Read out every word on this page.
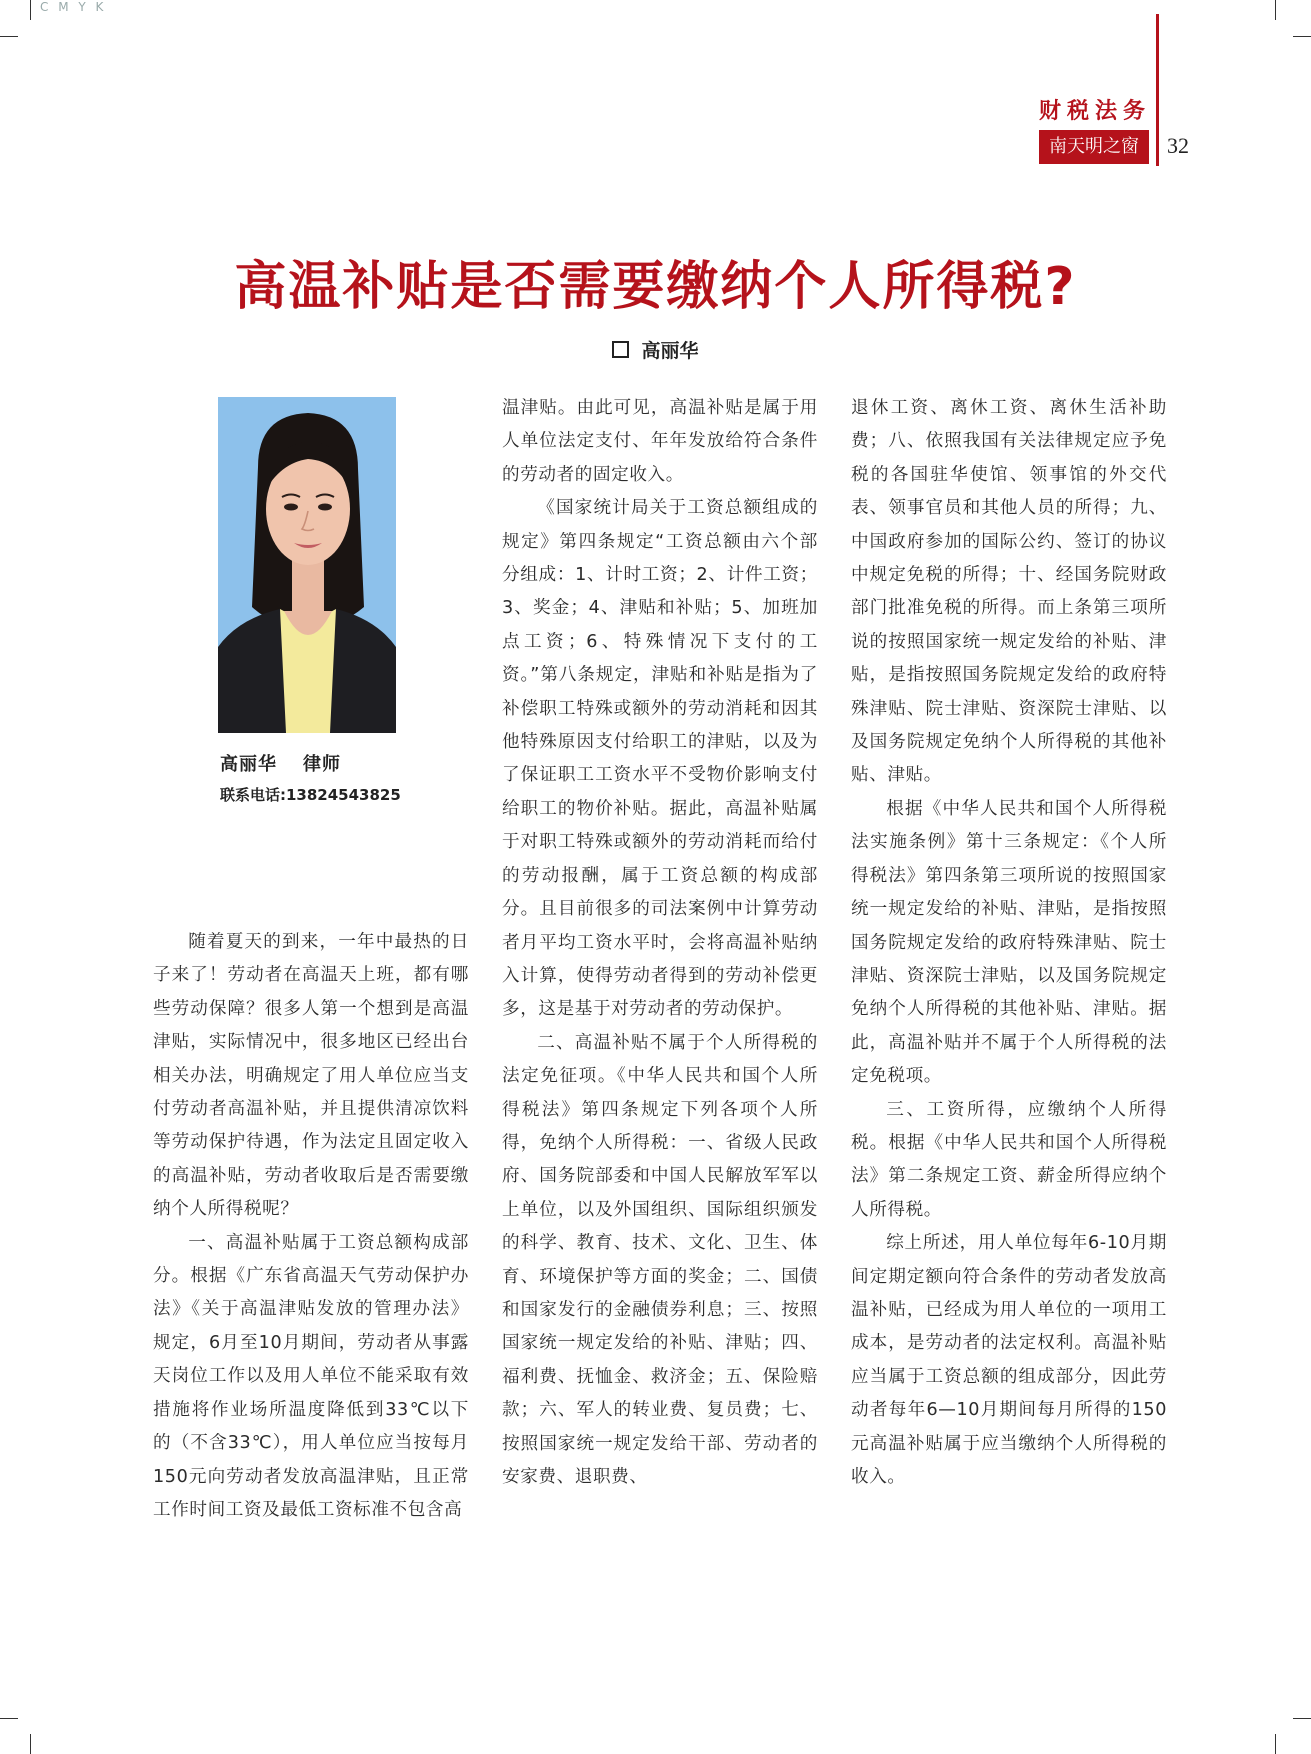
C M Y K
财税法务
南天明之窗	32
高温补贴是否需要缴纳个人所得税?
高丽华
高丽华 律师
联系电话:13824543825

随着夏天的到来，一年中最热的日子来了！劳动者在高温天上班，都有哪些劳动保障？很多人第一个想到是高温津贴，实际情况中，很多地区已经出台相关办法，明确规定了用人单位应当支付劳动者高温补贴，并且提供清凉饮料等劳动保护待遇，作为法定且固定收入的高温补贴，劳动者收取后是否需要缴纳个人所得税呢？

一、高温补贴属于工资总额构成部分。根据《广东省高温天气劳动保护办法》《关于高温津贴发放的管理办法》规定，6月至10月期间，劳动者从事露天岗位工作以及用人单位不能采取有效措施将作业场所温度降低到33℃以下的（不含33℃），用人单位应当按每月150元向劳动者发放高温津贴，且正常工作时间工资及最低工资标准不包含高

温津贴。由此可见，高温补贴是属于用人单位法定支付、年年发放给符合条件的劳动者的固定收入。

《国家统计局关于工资总额组成的规定》第四条规定“工资总额由六个部分组成：1、计时工资；2、计件工资；3、奖金；4、津贴和补贴；5、加班加点工资；6、特殊情况下支付的工资。”第八条规定，津贴和补贴是指为了补偿职工特殊或额外的劳动消耗和因其他特殊原因支付给职工的津贴，以及为了保证职工工资水平不受物价影响支付给职工的物价补贴。据此，高温补贴属于对职工特殊或额外的劳动消耗而给付的劳动报酬，属于工资总额的构成部分。且目前很多的司法案例中计算劳动者月平均工资水平时，会将高温补贴纳入计算，使得劳动者得到的劳动补偿更多，这是基于对劳动者的劳动保护。

二、高温补贴不属于个人所得税的法定免征项。《中华人民共和国个人所得税法》第四条规定下列各项个人所得，免纳个人所得税：一、省级人民政府、国务院部委和中国人民解放军军以上单位，以及外国组织、国际组织颁发的科学、教育、技术、文化、卫生、体育、环境保护等方面的奖金；二、国债和国家发行的金融债券利息；三、按照国家统一规定发给的补贴、津贴；四、福利费、抚恤金、救济金；五、保险赔款；六、军人的转业费、复员费；七、按照国家统一规定发给干部、劳动者的安家费、退职费、

退休工资、离休工资、离休生活补助费；八、依照我国有关法律规定应予免税的各国驻华使馆、领事馆的外交代表、领事官员和其他人员的所得；九、中国政府参加的国际公约、签订的协议中规定免税的所得；十、经国务院财政部门批准免税的所得。而上条第三项所说的按照国家统一规定发给的补贴、津贴，是指按照国务院规定发给的政府特殊津贴、院士津贴、资深院士津贴、以及国务院规定免纳个人所得税的其他补贴、津贴。

根据《中华人民共和国个人所得税法实施条例》第十三条规定：《个人所得税法》第四条第三项所说的按照国家统一规定发给的补贴、津贴，是指按照国务院规定发给的政府特殊津贴、院士津贴、资深院士津贴，以及国务院规定免纳个人所得税的其他补贴、津贴。据此，高温补贴并不属于个人所得税的法定免税项。

三、工资所得，应缴纳个人所得税。根据《中华人民共和国个人所得税法》第二条规定工资、薪金所得应纳个人所得税。

综上所述，用人单位每年6-10月期间定期定额向符合条件的劳动者发放高温补贴，已经成为用人单位的一项用工成本，是劳动者的法定权利。高温补贴应当属于工资总额的组成部分，因此劳动者每年6—10月期间每月所得的150元高温补贴属于应当缴纳个人所得税的收入。
